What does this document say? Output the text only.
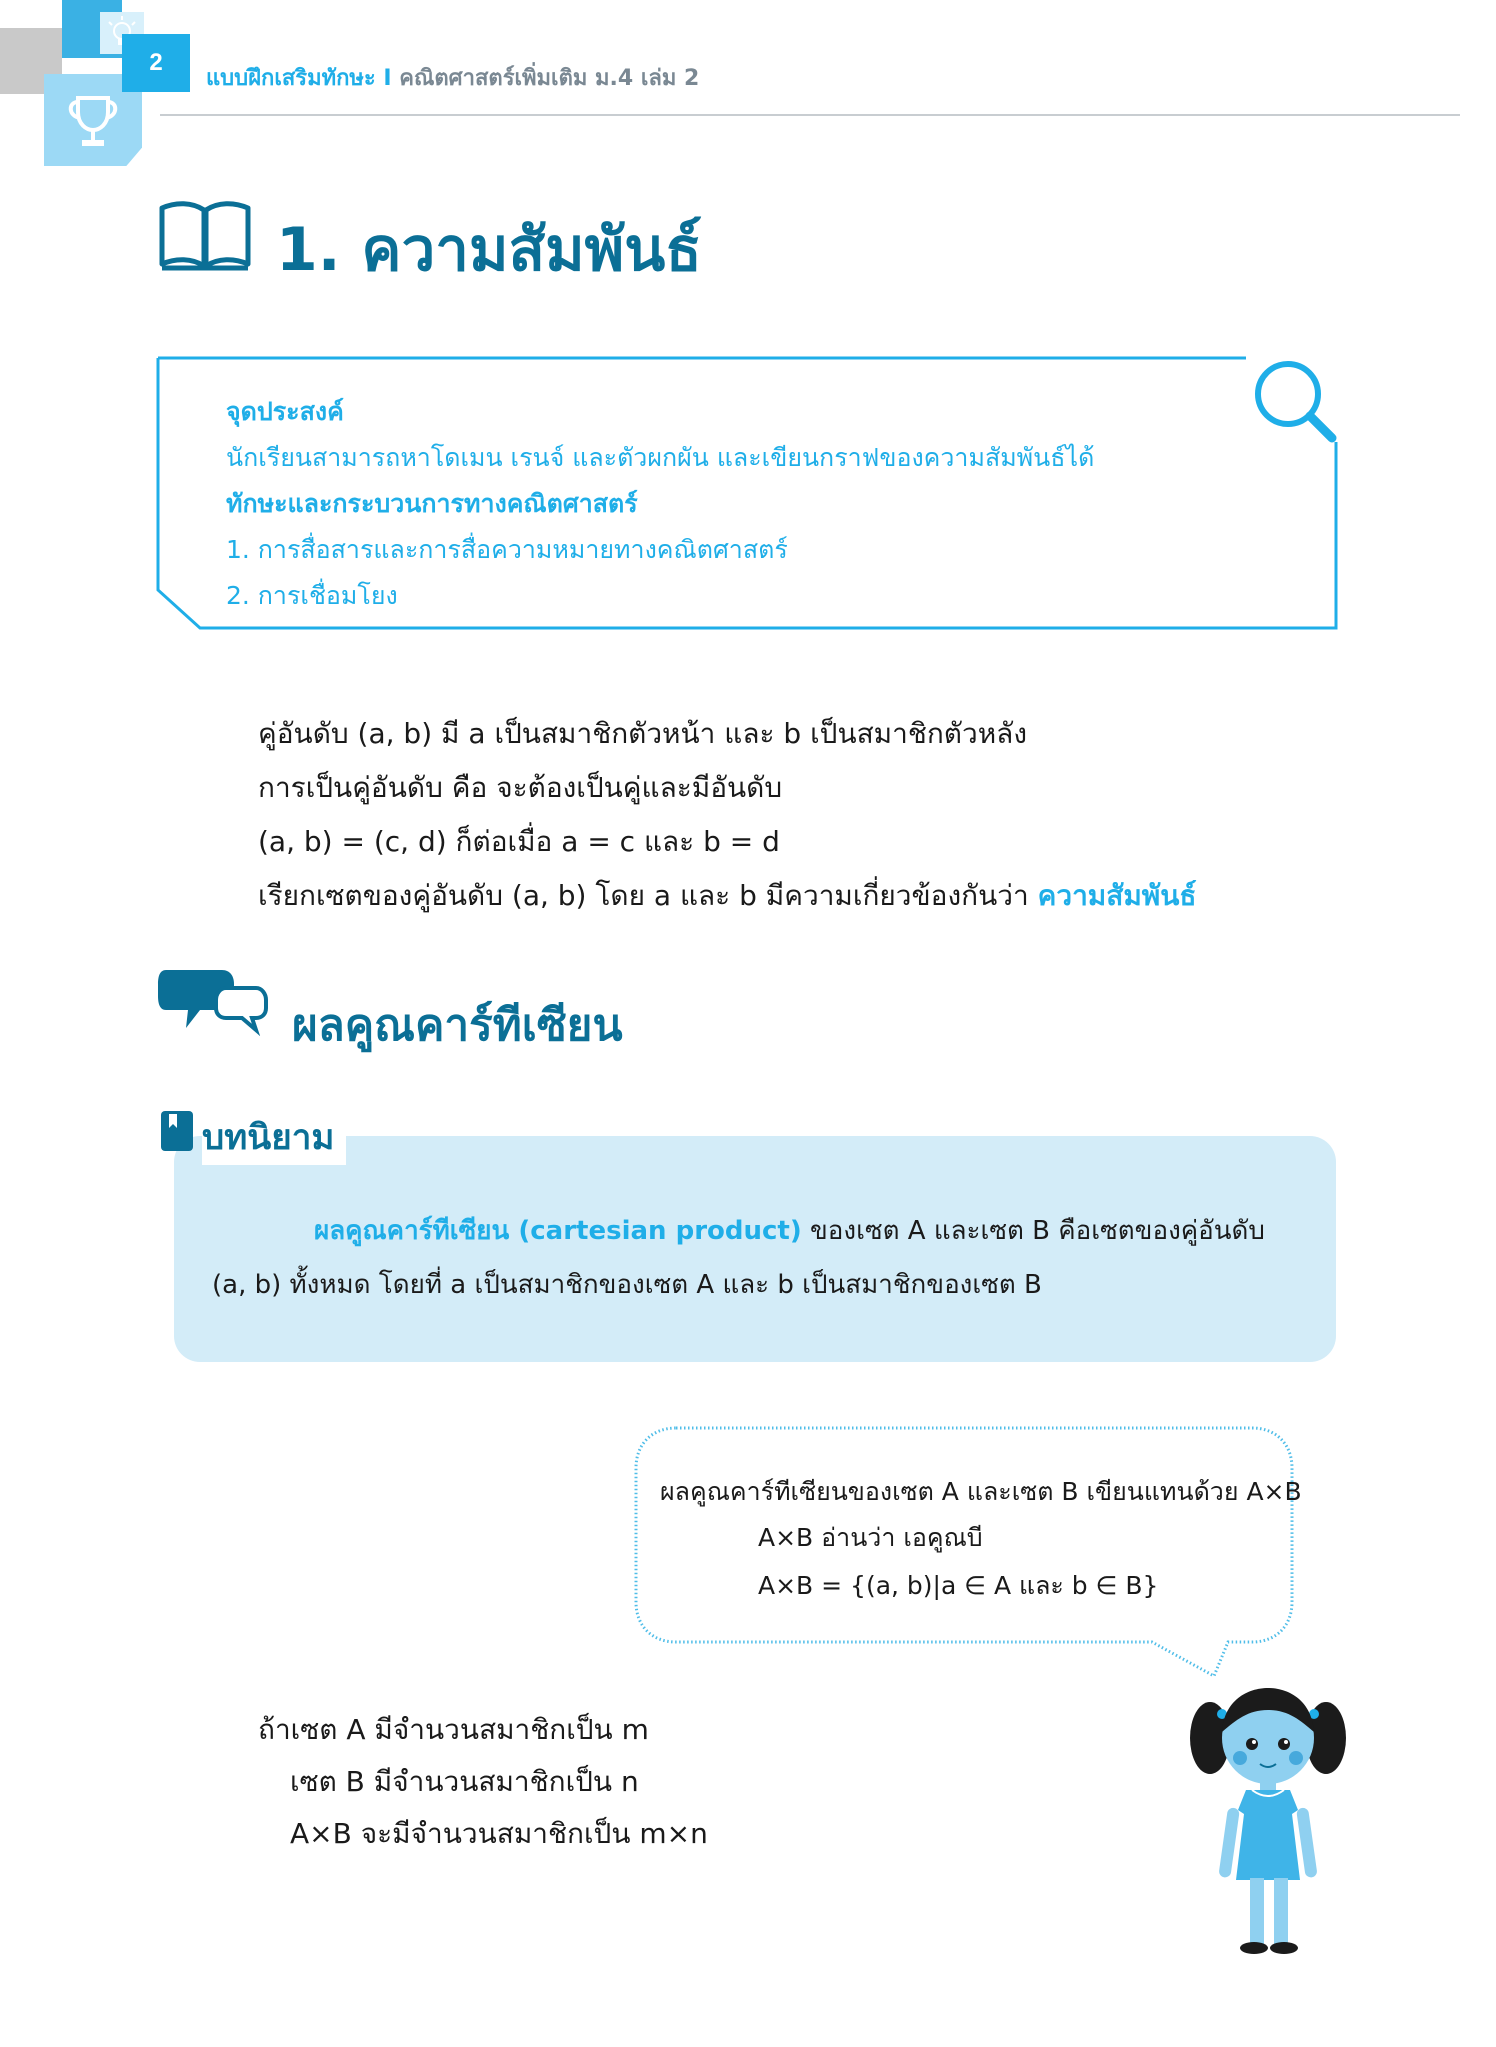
2
แบบฝึกเสริมทักษะ I คณิตศาสตร์เพิ่มเติม ม.4 เล่ม 2
1. ความสัมพันธ์
จุดประสงค์
นักเรียนสามารถหาโดเมน เรนจ์ และตัวผกผัน และเขียนกราฟของความสัมพันธ์ได้
ทักษะและกระบวนการทางคณิตศาสตร์
1. การสื่อสารและการสื่อความหมายทางคณิตศาสตร์
2. การเชื่อมโยง
คู่อันดับ (a, b) มี a เป็นสมาชิกตัวหน้า และ b เป็นสมาชิกตัวหลัง
การเป็นคู่อันดับ คือ จะต้องเป็นคู่และมีอันดับ
(a, b) = (c, d) ก็ต่อเมื่อ a = c และ b = d
เรียกเซตของคู่อันดับ (a, b) โดย a และ b มีความเกี่ยวข้องกันว่า ความสัมพันธ์
ผลคูณคาร์ทีเซียน
บทนิยาม
ผลคูณคาร์ทีเซียน (cartesian product) ของเซต A และเซต B คือเซตของคู่อันดับ
(a, b) ทั้งหมด โดยที่ a เป็นสมาชิกของเซต A และ b เป็นสมาชิกของเซต B
ผลคูณคาร์ทีเซียนของเซต A และเซต B เขียนแทนด้วย A×B
A×B อ่านว่า เอคูณบี
A×B = {(a, b)|a ∈ A และ b ∈ B}
ถ้าเซต A มีจำนวนสมาชิกเป็น m
เซต B มีจำนวนสมาชิกเป็น n
A×B จะมีจำนวนสมาชิกเป็น m×n
